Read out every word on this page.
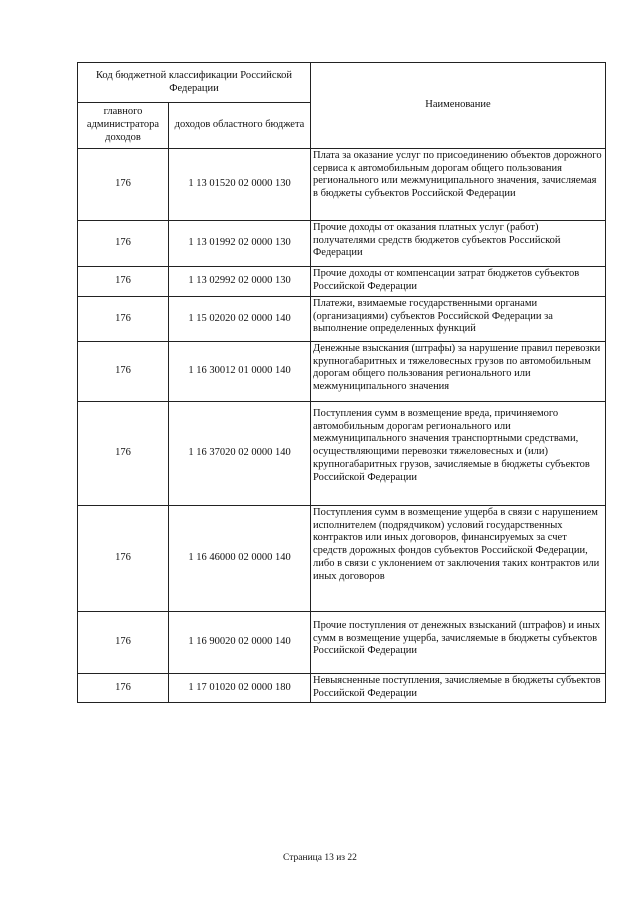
Код бюджетной классификации Российской Федерации		Наименование
главного администратора доходов	доходов областного бюджета	
176	1 13 01520 02 0000 130	Плата за оказание услуг по присоединению объектов дорожного сервиса к автомобильным дорогам общего пользования регионального или межмуниципального значения, зачисляемая в бюджеты субъектов Российской Федерации
176	1 13 01992 02 0000 130	Прочие доходы от оказания платных услуг (работ) получателями средств бюджетов субъектов Российской Федерации
176	1 13 02992 02 0000 130	Прочие доходы от компенсации затрат бюджетов субъектов Российской Федерации
176	1 15 02020 02 0000 140	Платежи, взимаемые государственными органами (организациями) субъектов Российской Федерации за выполнение определенных функций
176	1 16 30012 01 0000 140	Денежные взыскания (штрафы) за нарушение правил перевозки крупногабаритных и тяжеловесных грузов по автомобильным дорогам общего пользования регионального или межмуниципального значения
176	1 16 37020 02 0000 140	Поступления сумм в возмещение вреда, причиняемого автомобильным дорогам регионального или межмуниципального значения транспортными средствами, осуществляющими перевозки тяжеловесных и (или) крупногабаритных грузов, зачисляемые в бюджеты субъектов Российской Федерации
176	1 16 46000 02 0000 140	Поступления сумм в возмещение ущерба в связи с нарушением исполнителем (подрядчиком) условий государственных контрактов или иных договоров, финансируемых за счет средств дорожных фондов субъектов Российской Федерации, либо в связи с уклонением от заключения таких контрактов или иных договоров
176	1 16 90020 02 0000 140	Прочие поступления от денежных взысканий (штрафов) и иных сумм в возмещение ущерба, зачисляемые в бюджеты субъектов Российской Федерации
176	1 17 01020 02 0000 180	Невыясненные поступления, зачисляемые в бюджеты субъектов Российской Федерации
Страница 13 из 22
